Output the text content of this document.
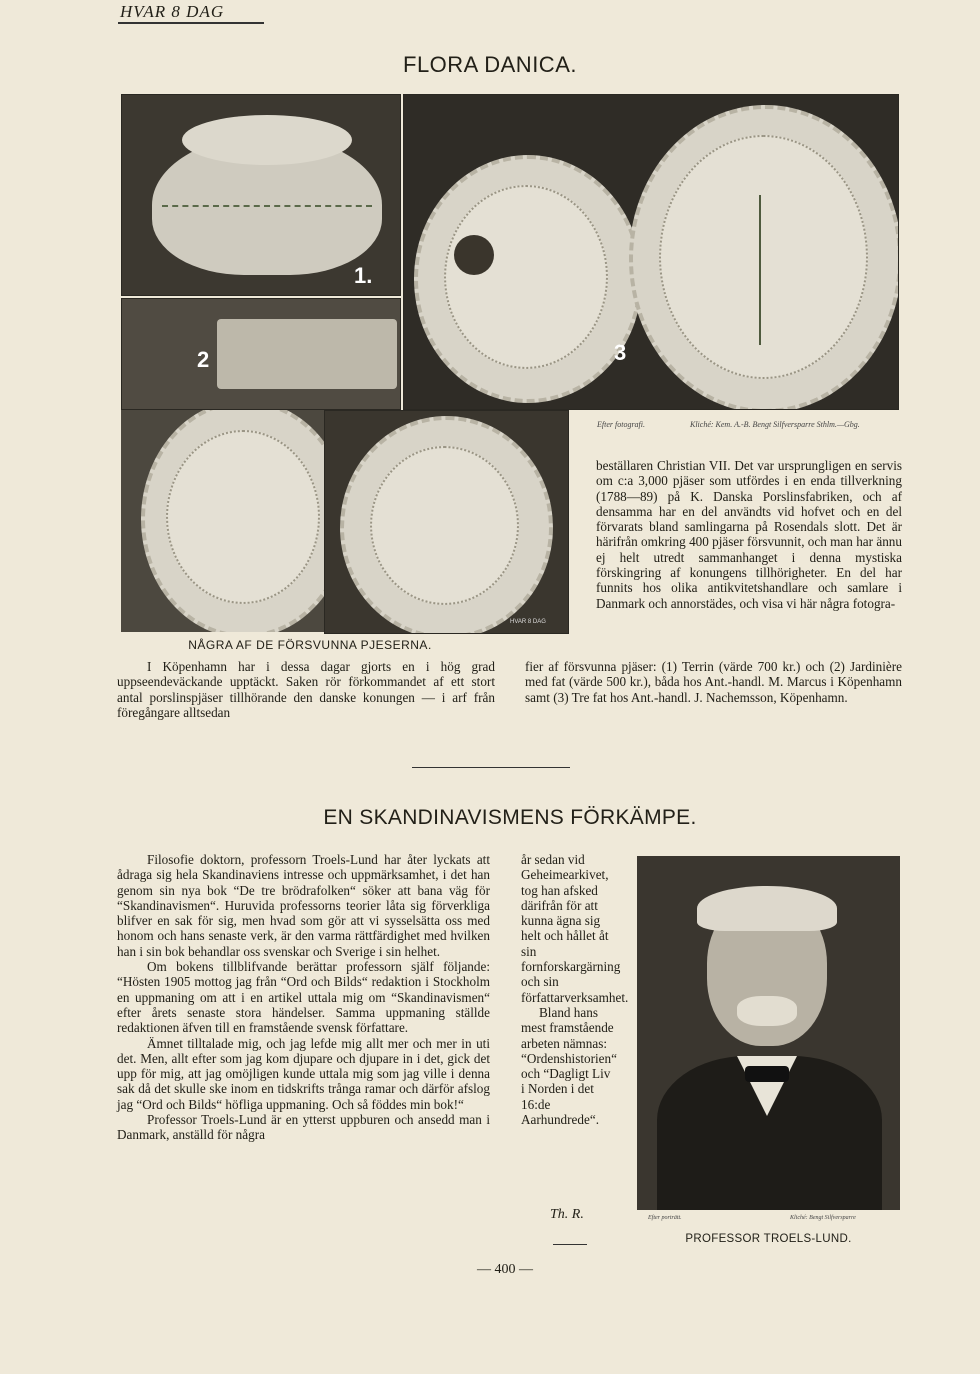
HVAR 8 DAG
FLORA DANICA.
1.
2	3
Efter fotografi.	Kliché: Kem. A.-B. Bengt Silfversparre Sthlm.—Gbg.
HVAR 8 DAG
NÅGRA AF DE FÖRSVUNNA PJESERNA.
I Köpenhamn har i dessa dagar gjorts en i hög grad uppseendeväckande upptäckt. Saken rör förkommandet af ett stort antal porslinspjäser tillhörande den danske konungen — i arf från föregångare alltsedan
beställaren Christian VII. Det var ursprungligen en servis om c:a 3,000 pjäser som utfördes i en enda tillverkning (1788—89) på K. Danska Porslinsfabriken, och af densamma har en del användts vid hofvet och en del förvarats bland samlingarna på Rosendals slott. Det är härifrån omkring 400 pjäser försvunnit, och man har ännu ej helt utredt sammanhanget i denna mystiska förskingring af konungens tillhörigheter. En del har funnits hos olika antikvitetshandlare och samlare i Danmark och annorstädes, och visa vi här några fotogra-
fier af försvunna pjäser: (1) Terrin (värde 700 kr.) och (2) Jardinière med fat (värde 500 kr.), båda hos Ant.-handl. M. Marcus i Köpenhamn samt (3) Tre fat hos Ant.-handl. J. Nachemsson, Köpenhamn.
EN SKANDINAVISMENS FÖRKÄMPE.
Filosofie doktorn, professorn Troels-Lund har åter lyckats att ådraga sig hela Skandinaviens intresse och uppmärksamhet, i det han genom sin nya bok “De tre brödrafolken“ söker att bana väg för “Skandinavismen“. Huruvida professorns teorier låta sig förverkliga blifver en sak för sig, men hvad som gör att vi sysselsätta oss med honom och hans senaste verk, är den varma rättfärdighet med hvilken han i sin bok behandlar oss svenskar och Sverige i sin helhet.
Om bokens tillblifvande berättar professorn själf följande: “Hösten 1905 mottog jag från “Ord och Bilds“ redaktion i Stockholm en uppmaning om att i en artikel uttala mig om “Skandinavismen“ efter årets senaste stora händelser. Samma uppmaning ställde redaktionen äfven till en framstående svensk författare.
Ämnet tilltalade mig, och jag lefde mig allt mer och mer in uti det. Men, allt efter som jag kom djupare och djupare in i det, gick det upp för mig, att jag omöjligen kunde uttala mig som jag ville i denna sak då det skulle ske inom en tidskrifts trånga ramar och därför afslog jag “Ord och Bilds“ höfliga uppmaning. Och så föddes min bok!“
Professor Troels-Lund är en ytterst uppburen och ansedd man i Danmark, anställd för några
år sedan vid Geheimearkivet, tog han afsked därifrån för att kunna ägna sig helt och hållet åt sin fornforskargärning och sin författarverksamhet.
Bland hans mest framstående arbeten nämnas: “Ordenshistorien“ och “Dagligt Liv i Norden i det 16:de Aarhundrede“.
Th. R.	Efter porträtt.	Kliché: Bengt Silfversparre
PROFESSOR TROELS-LUND.
— 400 —
